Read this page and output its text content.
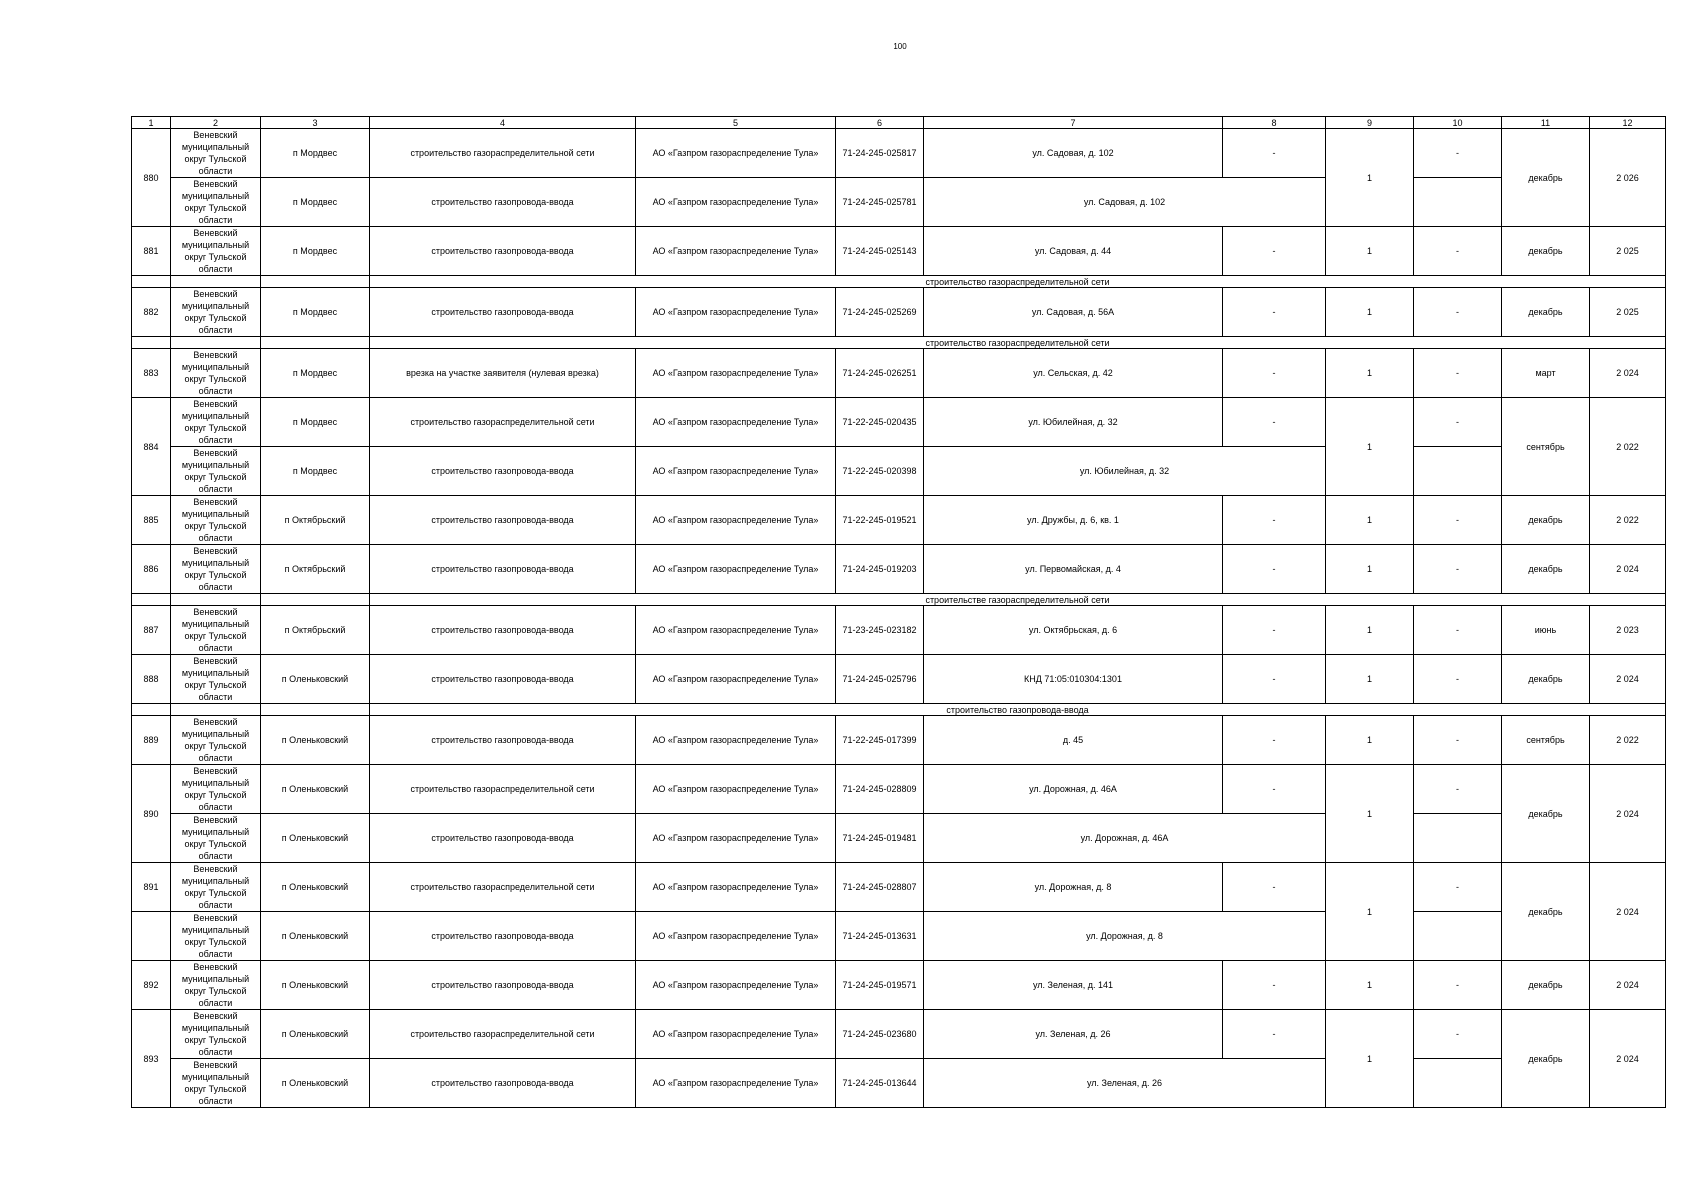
100
1	2	3	4	5	6	7	8	9	10	11	12
880	Веневский муниципальный округ Тульской области	п Мордвес	строительство газораспределительной сети	АО «Газпром газораспределение Тула»	71-24-245-025817	ул. Садовая, д. 102	-	1	-	декабрь	2 026
	Веневский муниципальный округ Тульской области	п Мордвес	строительство газопровода-ввода	АО «Газпром газораспределение Тула»	71-24-245-025781	ул. Садовая, д. 102					
881	Веневский муниципальный округ Тульской области	п Мордвес	строительство газопровода-ввода	АО «Газпром газораспределение Тула»	71-24-245-025143	ул. Садовая, д. 44	-	1	-	декабрь	2 025
			строительство газораспределительной сети								
882	Веневский муниципальный округ Тульской области	п Мордвес	строительство газопровода-ввода	АО «Газпром газораспределение Тула»	71-24-245-025269	ул. Садовая, д. 56А	-	1	-	декабрь	2 025
			строительство газораспределительной сети								
883	Веневский муниципальный округ Тульской области	п Мордвес	врезка на участке заявителя (нулевая врезка)	АО «Газпром газораспределение Тула»	71-24-245-026251	ул. Сельская, д. 42	-	1	-	март	2 024
884	Веневский муниципальный округ Тульской области	п Мордвес	строительство газораспределительной сети	АО «Газпром газораспределение Тула»	71-22-245-020435	ул. Юбилейная, д. 32	-	1	-	сентябрь	2 022
	Веневский муниципальный округ Тульской области	п Мордвес	строительство газопровода-ввода	АО «Газпром газораспределение Тула»	71-22-245-020398	ул. Юбилейная, д. 32					
885	Веневский муниципальный округ Тульской области	п Октябрьский	строительство газопровода-ввода	АО «Газпром газораспределение Тула»	71-22-245-019521	ул. Дружбы, д. 6, кв. 1	-	1	-	декабрь	2 022
886	Веневский муниципальный округ Тульской области	п Октябрьский	строительство газопровода-ввода	АО «Газпром газораспределение Тула»	71-24-245-019203	ул. Первомайская, д. 4	-	1	-	декабрь	2 024
			строительстве газораспределительной сети								
887	Веневский муниципальный округ Тульской области	п Октябрьский	строительство газопровода-ввода	АО «Газпром газораспределение Тула»	71-23-245-023182	ул. Октябрьская, д. 6	-	1	-	июнь	2 023
888	Веневский муниципальный округ Тульской области	п Оленьковский	строительство газопровода-ввода	АО «Газпром газораспределение Тула»	71-24-245-025796	КНД 71:05:010304:1301	-	1	-	декабрь	2 024
			строительство газопровода-ввода								
889	Веневский муниципальный округ Тульской области	п Оленьковский	строительство газопровода-ввода	АО «Газпром газораспределение Тула»	71-22-245-017399	д. 45	-	1	-	сентябрь	2 022
890	Веневский муниципальный округ Тульской области	п Оленьковский	строительство газораспределительной сети	АО «Газпром газораспределение Тула»	71-24-245-028809	ул. Дорожная, д. 46А	-	1	-	декабрь	2 024
	Веневский муниципальный округ Тульской области	п Оленьковский	строительство газопровода-ввода	АО «Газпром газораспределение Тула»	71-24-245-019481	ул. Дорожная, д. 46А					
891	Веневский муниципальный округ Тульской области	п Оленьковский	строительство газораспределительной сети	АО «Газпром газораспределение Тула»	71-24-245-028807	ул. Дорожная, д. 8	-	1	-	декабрь	2 024
	Веневский муниципальный округ Тульской области	п Оленьковский	строительство газопровода-ввода	АО «Газпром газораспределение Тула»	71-24-245-013631	ул. Дорожная, д. 8					
892	Веневский муниципальный округ Тульской области	п Оленьковский	строительство газопровода-ввода	АО «Газпром газораспределение Тула»	71-24-245-019571	ул. Зеленая, д. 141	-	1	-	декабрь	2 024
893	Веневский муниципальный округ Тульской области	п Оленьковский	строительство газораспределительной сети	АО «Газпром газораспределение Тула»	71-24-245-023680	ул. Зеленая, д. 26	-	1	-	декабрь	2 024
	Веневский муниципальный округ Тульской области	п Оленьковский	строительство газопровода-ввода	АО «Газпром газораспределение Тула»	71-24-245-013644	ул. Зеленая, д. 26					
